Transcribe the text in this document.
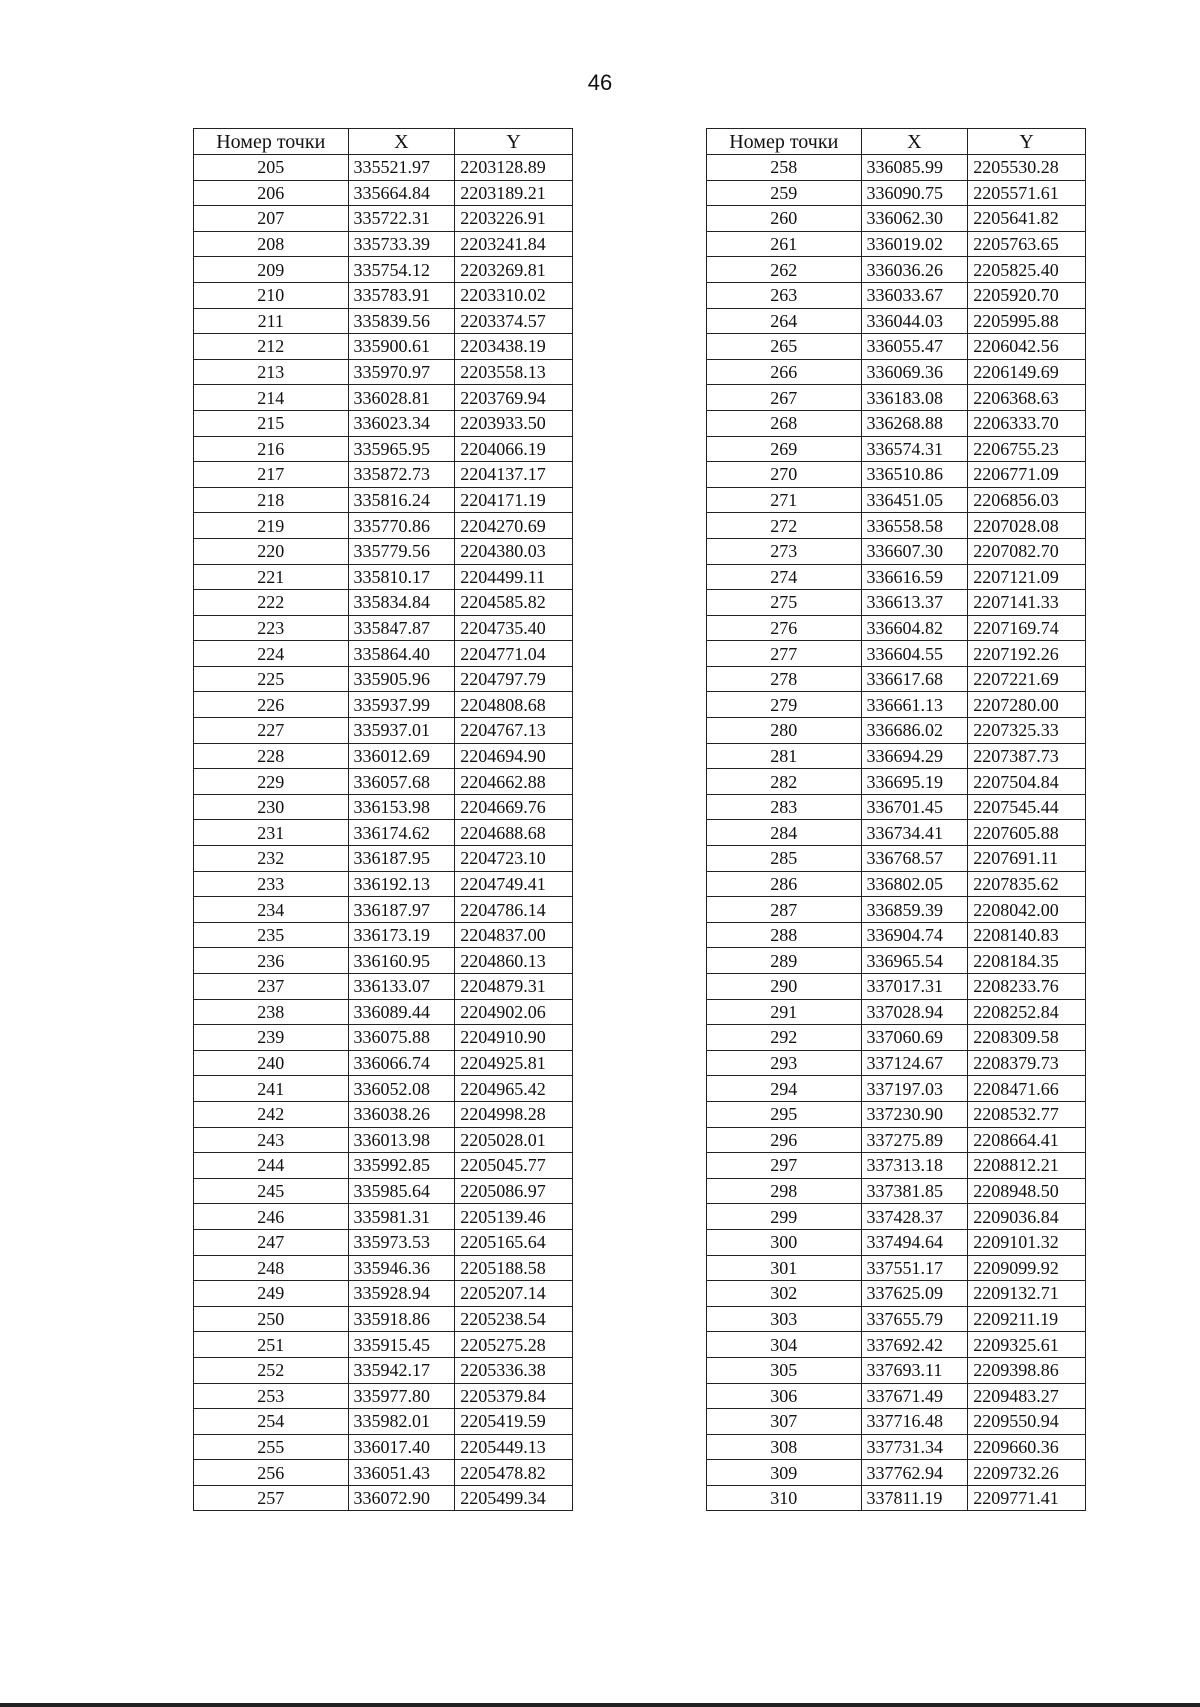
46
Номер точки	X	Y
205	335521.97	2203128.89
206	335664.84	2203189.21
207	335722.31	2203226.91
208	335733.39	2203241.84
209	335754.12	2203269.81
210	335783.91	2203310.02
211	335839.56	2203374.57
212	335900.61	2203438.19
213	335970.97	2203558.13
214	336028.81	2203769.94
215	336023.34	2203933.50
216	335965.95	2204066.19
217	335872.73	2204137.17
218	335816.24	2204171.19
219	335770.86	2204270.69
220	335779.56	2204380.03
221	335810.17	2204499.11
222	335834.84	2204585.82
223	335847.87	2204735.40
224	335864.40	2204771.04
225	335905.96	2204797.79
226	335937.99	2204808.68
227	335937.01	2204767.13
228	336012.69	2204694.90
229	336057.68	2204662.88
230	336153.98	2204669.76
231	336174.62	2204688.68
232	336187.95	2204723.10
233	336192.13	2204749.41
234	336187.97	2204786.14
235	336173.19	2204837.00
236	336160.95	2204860.13
237	336133.07	2204879.31
238	336089.44	2204902.06
239	336075.88	2204910.90
240	336066.74	2204925.81
241	336052.08	2204965.42
242	336038.26	2204998.28
243	336013.98	2205028.01
244	335992.85	2205045.77
245	335985.64	2205086.97
246	335981.31	2205139.46
247	335973.53	2205165.64
248	335946.36	2205188.58
249	335928.94	2205207.14
250	335918.86	2205238.54
251	335915.45	2205275.28
252	335942.17	2205336.38
253	335977.80	2205379.84
254	335982.01	2205419.59
255	336017.40	2205449.13
256	336051.43	2205478.82
257	336072.90	2205499.34
Номер точки	X	Y
258	336085.99	2205530.28
259	336090.75	2205571.61
260	336062.30	2205641.82
261	336019.02	2205763.65
262	336036.26	2205825.40
263	336033.67	2205920.70
264	336044.03	2205995.88
265	336055.47	2206042.56
266	336069.36	2206149.69
267	336183.08	2206368.63
268	336268.88	2206333.70
269	336574.31	2206755.23
270	336510.86	2206771.09
271	336451.05	2206856.03
272	336558.58	2207028.08
273	336607.30	2207082.70
274	336616.59	2207121.09
275	336613.37	2207141.33
276	336604.82	2207169.74
277	336604.55	2207192.26
278	336617.68	2207221.69
279	336661.13	2207280.00
280	336686.02	2207325.33
281	336694.29	2207387.73
282	336695.19	2207504.84
283	336701.45	2207545.44
284	336734.41	2207605.88
285	336768.57	2207691.11
286	336802.05	2207835.62
287	336859.39	2208042.00
288	336904.74	2208140.83
289	336965.54	2208184.35
290	337017.31	2208233.76
291	337028.94	2208252.84
292	337060.69	2208309.58
293	337124.67	2208379.73
294	337197.03	2208471.66
295	337230.90	2208532.77
296	337275.89	2208664.41
297	337313.18	2208812.21
298	337381.85	2208948.50
299	337428.37	2209036.84
300	337494.64	2209101.32
301	337551.17	2209099.92
302	337625.09	2209132.71
303	337655.79	2209211.19
304	337692.42	2209325.61
305	337693.11	2209398.86
306	337671.49	2209483.27
307	337716.48	2209550.94
308	337731.34	2209660.36
309	337762.94	2209732.26
310	337811.19	2209771.41
